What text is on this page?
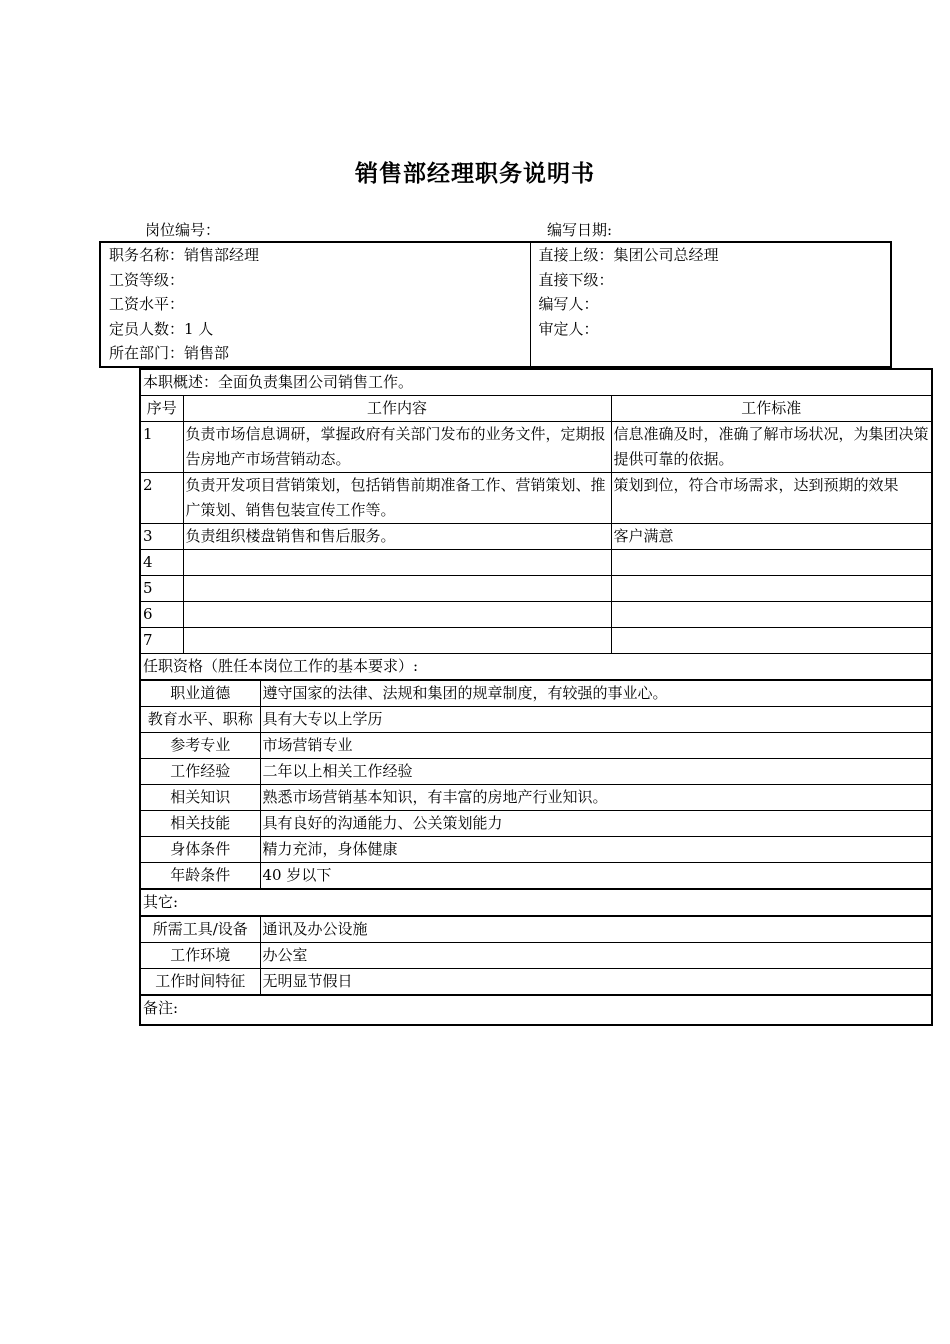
销售部经理职务说明书
岗位编号：	编写日期:
职务名称：销售部经理	直接上级：集团公司总经理
工资等级：	直接下级：
工资水平：	编写人：
定员人数：1 人	审定人：
所在部门：销售部	
本职概述：全面负责集团公司销售工作。			
序号	工作内容		工作标准
1	负责市场信息调研，掌握政府有关部门发布的业务文件，定期报告房地产市场营销动态。		信息准确及时，准确了解市场状况，为集团决策提供可靠的依据。
2	负责开发项目营销策划，包括销售前期准备工作、营销策划、推广策划、销售包装宣传工作等。		策划到位，符合市场需求，达到预期的效果
3	负责组织楼盘销售和售后服务。		客户满意
4			
5			
6			
7			
任职资格（胜任本岗位工作的基本要求）:			
职业道德		遵守国家的法律、法规和集团的规章制度，有较强的事业心。	
教育水平、职称		具有大专以上学历	
参考专业		市场营销专业	
工作经验		二年以上相关工作经验	
相关知识		熟悉市场营销基本知识，有丰富的房地产行业知识。	
相关技能		具有良好的沟通能力、公关策划能力	
身体条件		精力充沛，身体健康	
年龄条件		40 岁以下	
其它:			
所需工具/设备		通讯及办公设施	
工作环境		办公室	
工作时间特征		无明显节假日	
备注:			
